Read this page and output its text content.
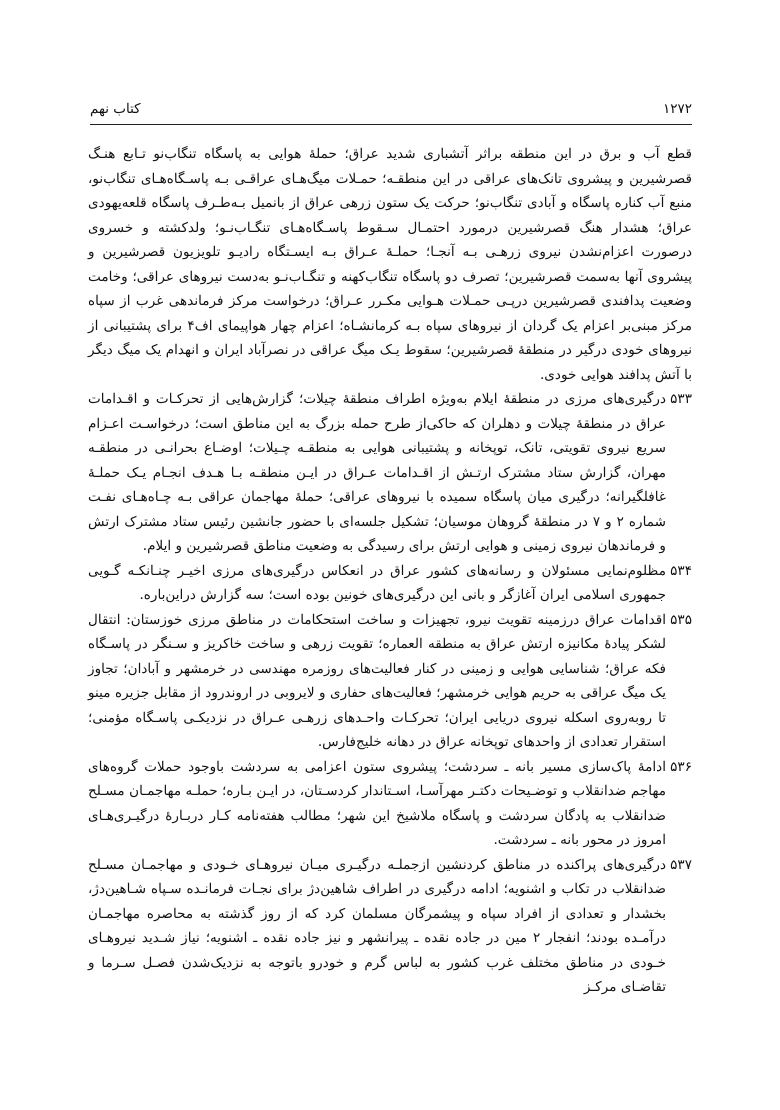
۱۲۷۲
کتاب نهم

قطع آب و برق در این منطقه براثر آتشباری شدید عراق؛ حملهٔ هوایی به پاسگاه تنگاب‌نو تـابع هنـگ قصرشیرین و پیشروی تانک‌های عراقی در این منطقـه؛ حمـلات میگ‌هـای عراقـی بـه پاسـگاه‌هـای تنگاب‌نو، منبع آب کناره پاسگاه و آبادی تنگاب‌نو؛ حرکت یک ستون زرهی عراق از بانمیل بـه‌طـرف پاسگاه قلعه‌یهودی عراق؛ هشدار هنگ قصرشیرین درمورد احتمـال سـقوط پاسـگاه‌هـای تنگـاب‌نـو؛ ولدکشته و خسروی درصورت اعزام‌نشدن نیروی زرهـی بـه آنجـا؛ حملـهٔ عـراق بـه ایسـتگاه رادیـو تلویزیون قصرشیرین و پیشروی آنها به‌سمت قصرشیرین؛ تصرف دو پاسگاه تنگاب‌کهنه و تنگـاب‌نـو به‌دست نیروهای عراقی؛ وخامت وضعیت پدافندی قصرشیرین درپـی حمـلات هـوایی مکـرر عـراق؛ درخواست مرکز فرماندهی غرب از سپاه مرکز مبنی‌بر اعزام یک گردان از نیروهای سپاه بـه کرمانشـاه؛ اعزام چهار هواپیمای اف۴ برای پشتیبانی از نیروهای خودی درگیر در منطقهٔ قصرشیرین؛ سقوط یـک میگ عراقی در نصرآباد ایران و انهدام یک میگ دیگر با آتش پدافند هوایی خودی.

۵۳۳درگیری‌های مرزی در منطقهٔ ایلام به‌ویژه اطراف منطقهٔ چیلات؛ گزارش‌هایی از تحرکـات و اقـدامات عراق در منطقهٔ چیلات و دهلران که حاکی‌از طرح حمله بزرگ به این مناطق است؛ درخواسـت اعـزام سریع نیروی تقویتی، تانک، توپخانه و پشتیبانی هوایی به منطقـه چـیلات؛ اوضـاع بحرانـی در منطقـه مهران، گزارش ستاد مشترک ارتـش از اقـدامات عـراق در ایـن منطقـه بـا هـدف انجـام یـک حملـهٔ غافلگیرانه؛ درگیری میان پاسگاه سمیده با نیروهای عراقی؛ حملهٔ مهاجمان عراقی بـه چـاه‌هـای نفـت شماره ۲ و ۷ در منطقهٔ گروهان موسیان؛ تشکیل جلسه‌ای با حضور جانشین رئیس ستاد مشترک ارتش و فرماندهان نیروی زمینی و هوایی ارتش برای رسیدگی به وضعیت مناطق قصرشیرین و ایلام.

۵۳۴مظلوم‌نمایی مسئولان و رسانه‌های کشور عراق در انعکاس درگیری‌های مرزی اخیـر چنـانکـه گـویی جمهوری اسلامی ایران آغازگر و بانی این درگیری‌های خونین بوده است؛ سه گزارش دراین‌باره.

۵۳۵اقدامات عراق درزمینه تقویت نیرو، تجهیزات و ساخت استحکامات در مناطق مرزی خوزستان: انتقال لشکر پیادهٔ مکانیزه ارتش عراق به منطقه العماره؛ تقویت زرهی و ساخت خاکریز و سـنگر در پاسـگاه فکه عراق؛ شناسایی هوایی و زمینی در کنار فعالیت‌های روزمره مهندسی در خرمشهر و آبادان؛ تجاوز یک میگ عراقی به حریم هوایی خرمشهر؛ فعالیت‌های حفاری و لایروبی در اروندرود از مقابل جزیره مینو تا روبه‌روی اسکله نیروی دریایی ایران؛ تحرکـات واحـدهای زرهـی عـراق در نزدیکـی پاسـگاه مؤمنی؛ استقرار تعدادی از واحدهای توپخانه عراق در دهانه خلیج‌فارس.

۵۳۶ادامهٔ پاک‌سازی مسیر بانه ـ سردشت؛ پیشروی ستون اعزامی به سردشت باوجود حملات گروه‌های مهاجم ضدانقلاب و توضـیحات دکتـر مهرآسـا، اسـتاندار کردسـتان، در ایـن بـاره؛ حملـه مهاجمـان مسـلح ضدانقلاب به پادگان سردشت و پاسگاه ملاشیخ این شهر؛ مطالب هفته‌نامه کـار دربـارهٔ درگیـری‌هـای امروز در محور بانه ـ سردشت.

۵۳۷درگیری‌های پراکنده در مناطق کردنشین ازجملـه درگیـری میـان نیروهـای خـودی و مهاجمـان مسـلح ضدانقلاب در تکاب و اشنویه؛ ادامه درگیری در اطراف شاهین‌دژ برای نجـات فرمانـده سـپاه شـاهین‌دژ، بخشدار و تعدادی از افراد سپاه و پیشمرگان مسلمان کرد که از روز گذشته به محاصره مهاجمـان درآمـده بودند؛ انفجار ۲ مین در جاده نقده ـ پیرانشهر و نیز جاده نقده ـ اشنویه؛ نیاز شـدید نیروهـای خـودی در مناطق مختلف غرب کشور به لباس گرم و خودرو باتوجه به نزدیک‌شدن فصـل سـرما و تقاضـای مرکـز
